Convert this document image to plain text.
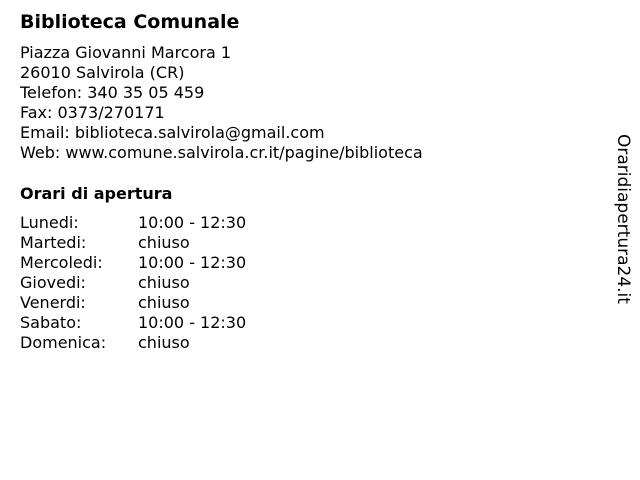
Biblioteca Comunale
Piazza Giovanni Marcora 1
26010 Salvirola (CR)
Telefon: 340 35 05 459
Fax: 0373/270171
Email: biblioteca.salvirola@gmail.com
Web: www.comune.salvirola.cr.it/pagine/biblioteca
Orari di apertura
Lunedi:	10:00 - 12:30
Martedi:	chiuso
Mercoledi: 10:00 - 12:30
Giovedi:	chiuso
Venerdi:	chiuso
Sabato:	10:00 - 12:30
Domenica: chiuso
Oraridiapertura24.it
